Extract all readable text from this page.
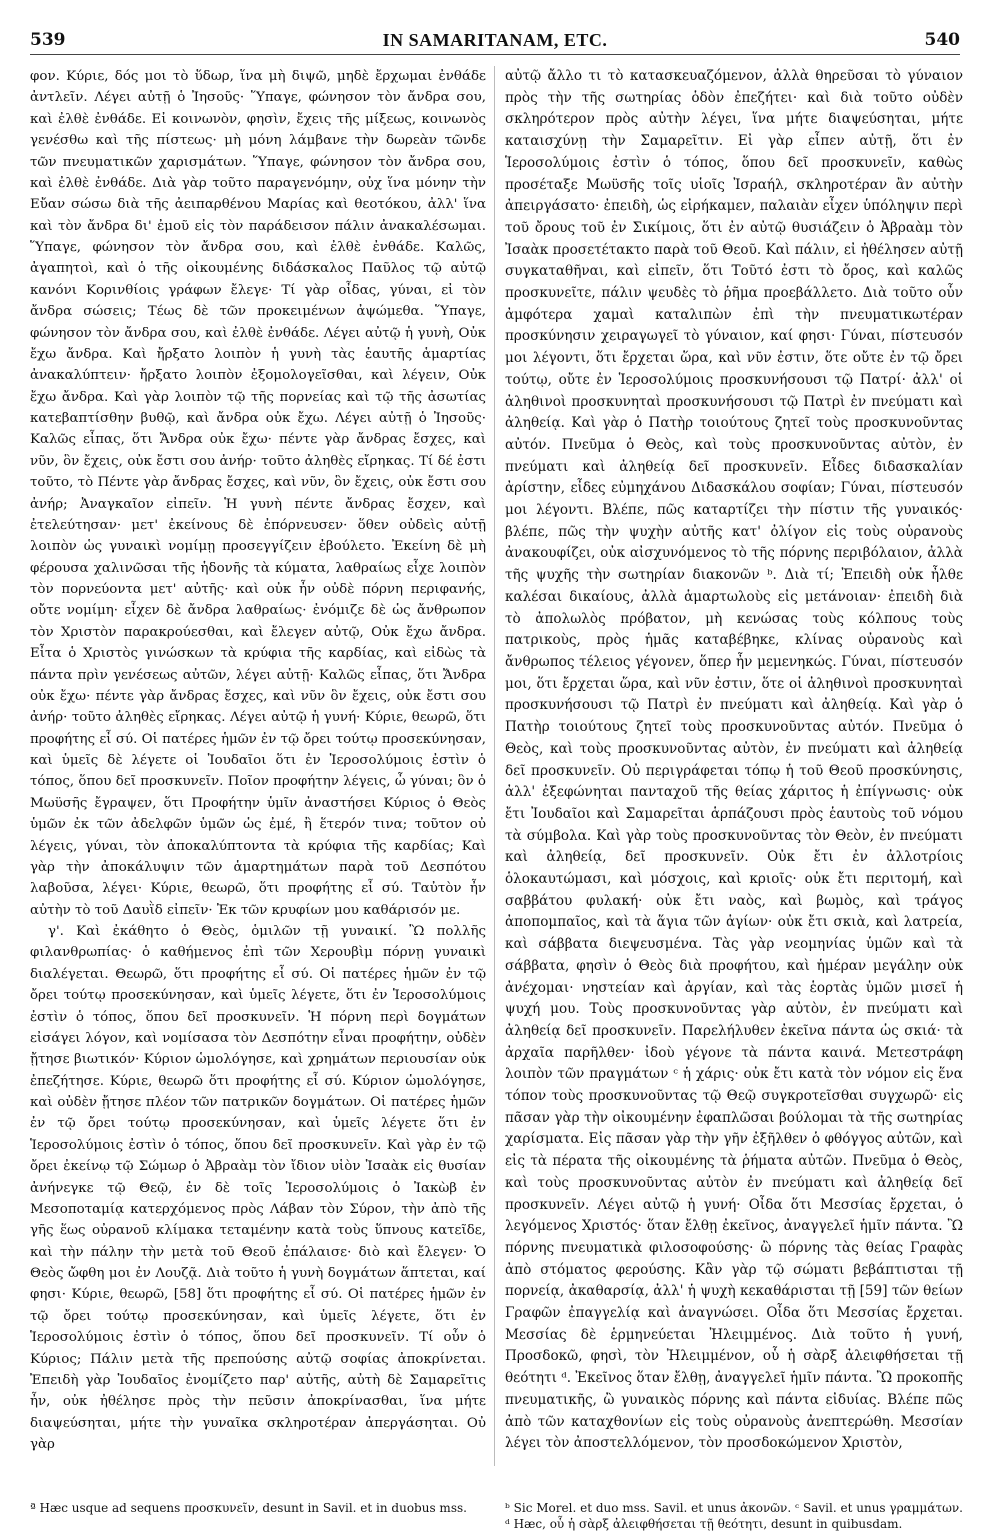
539	IN SAMARITANAM, ETC.	540

φον. Κύριε, δός μοι τὸ ὕδωρ, ἵνα μὴ διψῶ, μηδὲ ἔρχωμαι ἐνθάδε ἀντλεῖν. Λέγει αὐτῇ ὁ Ἰησοῦς· Ὕπαγε, φώνησον τὸν ἄνδρα σου, καὶ ἐλθὲ ἐνθάδε. Εἰ κοινωνὸν, φησὶν, ἔχεις τῆς μίξεως, κοινωνὸς γενέσθω καὶ τῆς πίστεως· μὴ μόνη λάμβανε τὴν δωρεὰν τῶνδε τῶν πνευματικῶν χαρισμάτων. Ὕπαγε, φώνησον τὸν ἄνδρα σου, καὶ ἐλθὲ ἐνθάδε. Διὰ γὰρ τοῦτο παραγενόμην, οὐχ ἵνα μόνην τὴν Εὔαν σώσω διὰ τῆς ἀειπαρθένου Μαρίας καὶ θεοτόκου, ἀλλ' ἵνα καὶ τὸν ἄνδρα δι' ἐμοῦ εἰς τὸν παράδεισον πάλιν ἀνακαλέσωμαι. Ὕπαγε, φώνησον τὸν ἄνδρα σου, καὶ ἐλθὲ ἐνθάδε. Καλῶς, ἀγαπητοὶ, καὶ ὁ τῆς οἰκουμένης διδάσκαλος Παῦλος τῷ αὐτῷ κανόνι Κορινθίοις γράφων ἔλεγε· Τί γὰρ οἶδας, γύναι, εἰ τὸν ἄνδρα σώσεις; Τέως δὲ τῶν προκειμένων ἀψώμεθα. Ὕπαγε, φώνησον τὸν ἄνδρα σου, καὶ ἐλθὲ ἐνθάδε. Λέγει αὐτῷ ἡ γυνὴ, Οὐκ ἔχω ἄνδρα. Καὶ ἤρξατο λοιπὸν ἡ γυνὴ τὰς ἑαυτῆς ἁμαρτίας ἀνακαλύπτειν· ἤρξατο λοιπὸν ἐξομολογεῖσθαι, καὶ λέγειν, Οὐκ ἔχω ἄνδρα. Καὶ γὰρ λοιπὸν τῷ τῆς πορνείας καὶ τῷ τῆς ἀσωτίας κατεβαπτίσθην βυθῷ, καὶ ἄνδρα οὐκ ἔχω. Λέγει αὐτῇ ὁ Ἰησοῦς· Καλῶς εἶπας, ὅτι Ἄνδρα οὐκ ἔχω· πέντε γὰρ ἄνδρας ἔσχες, καὶ νῦν, ὃν ἔχεις, οὐκ ἔστι σου ἀνήρ· τοῦτο ἀληθὲς εἴρηκας. Τί δέ ἐστι τοῦτο, τὸ Πέντε γὰρ ἄνδρας ἔσχες, καὶ νῦν, ὃν ἔχεις, οὐκ ἔστι σου ἀνήρ; Ἀναγκαῖον εἰπεῖν. Ἡ γυνὴ πέντε ἄνδρας ἔσχεν, καὶ ἐτελεύτησαν· μετ' ἐκείνους δὲ ἐπόρνευσεν· ὅθεν οὐδεὶς αὐτῇ λοιπὸν ὡς γυναικὶ νομίμῃ προσεγγίζειν ἐβούλετο. Ἐκείνη δὲ μὴ φέρουσα χαλινῶσαι τῆς ἡδονῆς τὰ κύματα, λαθραίως εἶχε λοιπὸν τὸν πορνεύοντα μετ' αὐτῆς· καὶ οὐκ ἦν οὐδὲ πόρνη περιφανής, οὔτε νομίμη· εἶχεν δὲ ἄνδρα λαθραίως· ἐνόμιζε δὲ ὡς ἄνθρωπον τὸν Χριστὸν παρακρούεσθαι, καὶ ἔλεγεν αὐτῷ, Οὐκ ἔχω ἄνδρα. Εἶτα ὁ Χριστὸς γινώσκων τὰ κρύφια τῆς καρδίας, καὶ εἰδὼς τὰ πάντα πρὶν γενέσεως αὐτῶν, λέγει αὐτῇ· Καλῶς εἶπας, ὅτι Ἄνδρα οὐκ ἔχω· πέντε γὰρ ἄνδρας ἔσχες, καὶ νῦν ὃν ἔχεις, οὐκ ἔστι σου ἀνήρ· τοῦτο ἀληθὲς εἴρηκας. Λέγει αὐτῷ ἡ γυνή· Κύριε, θεωρῶ, ὅτι προφήτης εἶ σύ. Οἱ πατέρες ἡμῶν ἐν τῷ ὄρει τούτῳ προσεκύνησαν, καὶ ὑμεῖς δὲ λέγετε οἱ Ἰουδαῖοι ὅτι ἐν Ἱεροσολύμοις ἐστὶν ὁ τόπος, ὅπου δεῖ προσκυνεῖν. Ποῖον προφήτην λέγεις, ὦ γύναι; ὃν ὁ Μωϋσῆς ἔγραψεν, ὅτι Προφήτην ὑμῖν ἀναστήσει Κύριος ὁ Θεὸς ὑμῶν ἐκ τῶν ἀδελφῶν ὑμῶν ὡς ἐμέ, ἢ ἕτερόν τινα; τοῦτον οὐ λέγεις, γύναι, τὸν ἀποκαλύπτοντα τὰ κρύφια τῆς καρδίας; Καὶ γὰρ τὴν ἀποκάλυψιν τῶν ἁμαρτημάτων παρὰ τοῦ Δεσπότου λαβοῦσα, λέγει· Κύριε, θεωρῶ, ὅτι προφήτης εἶ σύ. Ταὐτὸν ἦν αὐτὴν τὸ τοῦ Δαυῒδ εἰπεῖν· Ἐκ τῶν κρυφίων μου καθάρισόν με.

γ'. Καὶ ἐκάθητο ὁ Θεὸς, ὁμιλῶν τῇ γυναικί. Ὢ πολλῆς φιλανθρωπίας· ὁ καθήμενος ἐπὶ τῶν Χερουβὶμ πόρνῃ γυναικὶ διαλέγεται. Θεωρῶ, ὅτι προφήτης εἶ σύ. Οἱ πατέρες ἡμῶν ἐν τῷ ὄρει τούτῳ προσεκύνησαν, καὶ ὑμεῖς λέγετε, ὅτι ἐν Ἱεροσολύμοις ἐστὶν ὁ τόπος, ὅπου δεῖ προσκυνεῖν. Ἡ πόρνη περὶ δογμάτων εἰσάγει λόγον, καὶ νομίσασα τὸν Δεσπότην εἶναι προφήτην, οὐδὲν ᾔτησε βιωτικόν· Κύριον ὡμολόγησε, καὶ χρημάτων περιουσίαν οὐκ ἐπεζήτησε. Κύριε, θεωρῶ ὅτι προφήτης εἶ σύ. Κύριον ὡμολόγησε, καὶ οὐδὲν ᾔτησε πλέον τῶν πατρικῶν δογμάτων. Οἱ πατέρες ἡμῶν ἐν τῷ ὄρει τούτῳ προσεκύνησαν, καὶ ὑμεῖς λέγετε ὅτι ἐν Ἱεροσολύμοις ἐστὶν ὁ τόπος, ὅπου δεῖ προσκυνεῖν. Καὶ γὰρ ἐν τῷ ὄρει ἐκείνῳ τῷ Σώμωρ ὁ Ἀβραὰμ τὸν ἴδιον υἱὸν Ἰσαὰκ εἰς θυσίαν ἀνήνεγκε τῷ Θεῷ, ἐν δὲ τοῖς Ἱεροσολύμοις ὁ Ἰακὼβ ἐν Μεσοποταμίᾳ κατερχόμενος πρὸς Λάβαν τὸν Σύρον, τὴν ἀπὸ τῆς γῆς ἕως οὐρανοῦ κλίμακα τεταμένην κατὰ τοὺς ὕπνους κατεῖδε, καὶ τὴν πάλην τὴν μετὰ τοῦ Θεοῦ ἐπάλαισε· διὸ καὶ ἔλεγεν· Ὁ Θεὸς ὤφθη μοι ἐν Λουζᾷ. Διὰ τοῦτο ἡ γυνὴ δογμάτων ἅπτεται, καί φησι· Κύριε, θεωρῶ, [58] ὅτι προφήτης εἶ σύ. Οἱ πατέρες ἡμῶν ἐν τῷ ὄρει τούτῳ προσεκύνησαν, καὶ ὑμεῖς λέγετε, ὅτι ἐν Ἱεροσολύμοις ἐστὶν ὁ τόπος, ὅπου δεῖ προσκυνεῖν. Τί οὖν ὁ Κύριος; Πάλιν μετὰ τῆς πρεπούσης αὐτῷ σοφίας ἀποκρίνεται. Ἐπειδὴ γὰρ Ἰουδαῖος ἐνομίζετο παρ' αὐτῆς, αὐτὴ δὲ Σαμαρεῖτις ἦν, οὐκ ἠθέλησε πρὸς τὴν πεῦσιν ἀποκρίνασθαι, ἵνα μήτε διαψεύσηται, μήτε τὴν γυναῖκα σκληροτέραν ἀπεργάσηται. Οὐ γὰρ

αὐτῷ ἄλλο τι τὸ κατασκευαζόμενον, ἀλλὰ θηρεῦσαι τὸ γύναιον πρὸς τὴν τῆς σωτηρίας ὁδὸν ἐπεζήτει· καὶ διὰ τοῦτο οὐδὲν σκληρότερον πρὸς αὐτὴν λέγει, ἵνα μήτε διαψεύσηται, μήτε καταισχύνῃ τὴν Σαμαρεῖτιν. Εἰ γὰρ εἶπεν αὐτῇ, ὅτι ἐν Ἱεροσολύμοις ἐστὶν ὁ τόπος, ὅπου δεῖ προσκυνεῖν, καθὼς προσέταξε Μωϋσῆς τοῖς υἱοῖς Ἰσραήλ, σκληροτέραν ἂν αὐτὴν ἀπειργάσατο· ἐπειδὴ, ὡς εἰρήκαμεν, παλαιὰν εἶχεν ὑπόληψιν περὶ τοῦ ὄρους τοῦ ἐν Σικίμοις, ὅτι ἐν αὐτῷ θυσιάζειν ὁ Ἀβραὰμ τὸν Ἰσαὰκ προσετέτακτο παρὰ τοῦ Θεοῦ. Καὶ πάλιν, εἰ ἠθέλησεν αὐτῇ συγκαταθῆναι, καὶ εἰπεῖν, ὅτι Τοῦτό ἐστι τὸ ὄρος, καὶ καλῶς προσκυνεῖτε, πάλιν ψευδὲς τὸ ῥῆμα προεβάλλετο. Διὰ τοῦτο οὖν ἀμφότερα χαμαὶ καταλιπὼν ἐπὶ τὴν πνευματικωτέραν προσκύνησιν χειραγωγεῖ τὸ γύναιον, καί φησι· Γύναι, πίστευσόν μοι λέγοντι, ὅτι ἔρχεται ὥρα, καὶ νῦν ἐστιν, ὅτε οὔτε ἐν τῷ ὄρει τούτῳ, οὔτε ἐν Ἱεροσολύμοις προσκυνήσουσι τῷ Πατρί· ἀλλ' οἱ ἀληθινοὶ προσκυνηταὶ προσκυνήσουσι τῷ Πατρὶ ἐν πνεύματι καὶ ἀληθείᾳ. Καὶ γὰρ ὁ Πατὴρ τοιούτους ζητεῖ τοὺς προσκυνοῦντας αὐτόν. Πνεῦμα ὁ Θεὸς, καὶ τοὺς προσκυνοῦντας αὐτὸν, ἐν πνεύματι καὶ ἀληθείᾳ δεῖ προσκυνεῖν. Εἶδες διδασκαλίαν ἀρίστην, εἶδες εὐμηχάνου Διδασκάλου σοφίαν; Γύναι, πίστευσόν μοι λέγοντι. Βλέπε, πῶς καταρτίζει τὴν πίστιν τῆς γυναικός· βλέπε, πῶς τὴν ψυχὴν αὐτῆς κατ' ὀλίγον εἰς τοὺς οὐρανοὺς ἀνακουφίζει, οὐκ αἰσχυνόμενος τὸ τῆς πόρνης περιβόλαιον, ἀλλὰ τῆς ψυχῆς τὴν σωτηρίαν διακονῶν ᵇ. Διὰ τί; Ἐπειδὴ οὐκ ἦλθε καλέσαι δικαίους, ἀλλὰ ἁμαρτωλοὺς εἰς μετάνοιαν· ἐπειδὴ διὰ τὸ ἀπολωλὸς πρόβατον, μὴ κενώσας τοὺς κόλπους τοὺς πατρικοὺς, πρὸς ἡμᾶς καταβέβηκε, κλίνας οὐρανοὺς καὶ ἄνθρωπος τέλειος γέγονεν, ὅπερ ἦν μεμενηκώς. Γύναι, πίστευσόν μοι, ὅτι ἔρχεται ὥρα, καὶ νῦν ἐστιν, ὅτε οἱ ἀληθινοὶ προσκυνηταὶ προσκυνήσουσι τῷ Πατρὶ ἐν πνεύματι καὶ ἀληθείᾳ. Καὶ γὰρ ὁ Πατὴρ τοιούτους ζητεῖ τοὺς προσκυνοῦντας αὐτόν. Πνεῦμα ὁ Θεὸς, καὶ τοὺς προσκυνοῦντας αὐτὸν, ἐν πνεύματι καὶ ἀληθείᾳ δεῖ προσκυνεῖν. Οὐ περιγράφεται τόπῳ ἡ τοῦ Θεοῦ προσκύνησις, ἀλλ' ἐξεφώνηται πανταχοῦ τῆς θείας χάριτος ἡ ἐπίγνωσις· οὐκ ἔτι Ἰουδαῖοι καὶ Σαμαρεῖται ἁρπάζουσι πρὸς ἑαυτοὺς τοῦ νόμου τὰ σύμβολα. Καὶ γὰρ τοὺς προσκυνοῦντας τὸν Θεὸν, ἐν πνεύματι καὶ ἀληθείᾳ, δεῖ προσκυνεῖν. Οὐκ ἔτι ἐν ἀλλοτρίοις ὁλοκαυτώμασι, καὶ μόσχοις, καὶ κριοῖς· οὐκ ἔτι περιτομή, καὶ σαββάτου φυλακή· οὐκ ἔτι ναὸς, καὶ βωμὸς, καὶ τράγος ἀποπομπαῖος, καὶ τὰ ἅγια τῶν ἁγίων· οὐκ ἔτι σκιὰ, καὶ λατρεία, καὶ σάββατα διεψευσμένα. Τὰς γὰρ νεομηνίας ὑμῶν καὶ τὰ σάββατα, φησὶν ὁ Θεὸς διὰ προφήτου, καὶ ἡμέραν μεγάλην οὐκ ἀνέχομαι· νηστείαν καὶ ἀργίαν, καὶ τὰς ἑορτὰς ὑμῶν μισεῖ ἡ ψυχή μου. Τοὺς προσκυνοῦντας γὰρ αὐτὸν, ἐν πνεύματι καὶ ἀληθείᾳ δεῖ προσκυνεῖν. Παρελήλυθεν ἐκεῖνα πάντα ὡς σκιά· τὰ ἀρχαῖα παρῆλθεν· ἰδοὺ γέγονε τὰ πάντα καινά. Μετεστράφη λοιπὸν τῶν πραγμάτων ᶜ ἡ χάρις· οὐκ ἔτι κατὰ τὸν νόμον εἰς ἕνα τόπον τοὺς προσκυνοῦντας τῷ Θεῷ συγκροτεῖσθαι συγχωρῶ· εἰς πᾶσαν γὰρ τὴν οἰκουμένην ἐφαπλῶσαι βούλομαι τὰ τῆς σωτηρίας χαρίσματα. Εἰς πᾶσαν γὰρ τὴν γῆν ἐξῆλθεν ὁ φθόγγος αὐτῶν, καὶ εἰς τὰ πέρατα τῆς οἰκουμένης τὰ ῥήματα αὐτῶν. Πνεῦμα ὁ Θεὸς, καὶ τοὺς προσκυνοῦντας αὐτὸν ἐν πνεύματι καὶ ἀληθείᾳ δεῖ προσκυνεῖν. Λέγει αὐτῷ ἡ γυνή· Οἶδα ὅτι Μεσσίας ἔρχεται, ὁ λεγόμενος Χριστός· ὅταν ἔλθῃ ἐκεῖνος, ἀναγγελεῖ ἡμῖν πάντα. Ὢ πόρνης πνευματικὰ φιλοσοφούσης· ὢ πόρνης τὰς θείας Γραφὰς ἀπὸ στόματος φερούσης. Κἂν γὰρ τῷ σώματι βεβάπτισται τῇ πορνείᾳ, ἀκαθαρσίᾳ, ἀλλ' ἡ ψυχὴ κεκαθάρισται τῇ [59] τῶν θείων Γραφῶν ἐπαγγελίᾳ καὶ ἀναγνώσει. Οἶδα ὅτι Μεσσίας ἔρχεται. Μεσσίας δὲ ἑρμηνεύεται Ἠλειμμένος. Διὰ τοῦτο ἡ γυνή, Προσδοκῶ, φησὶ, τὸν Ἠλειμμένον, οὗ ἡ σὰρξ ἀλειφθήσεται τῇ θεότητι ᵈ. Ἐκεῖνος ὅταν ἔλθῃ, ἀναγγελεῖ ἡμῖν πάντα. Ὢ προκοπῆς πνευματικῆς, ὢ γυναικὸς πόρνης καὶ πάντα εἰδυίας. Βλέπε πῶς ἀπὸ τῶν καταχθονίων εἰς τοὺς οὐρανοὺς ἀνεπτερώθη. Μεσσίαν λέγει τὸν ἀποστελλόμενον, τὸν προσδοκώμενον Χριστὸν,

ª Hæc usque ad sequens προσκυνεῖν, desunt in Savil. et in duobus mss.	ᵇ Sic Morel. et duo mss. Savil. et unus ἀκονῶν. ᶜ Savil. et unus γραμμάτων. ᵈ Hæc, οὗ ἡ σὰρξ ἀλειφθήσεται τῇ θεότητι, desunt in quibusdam.
